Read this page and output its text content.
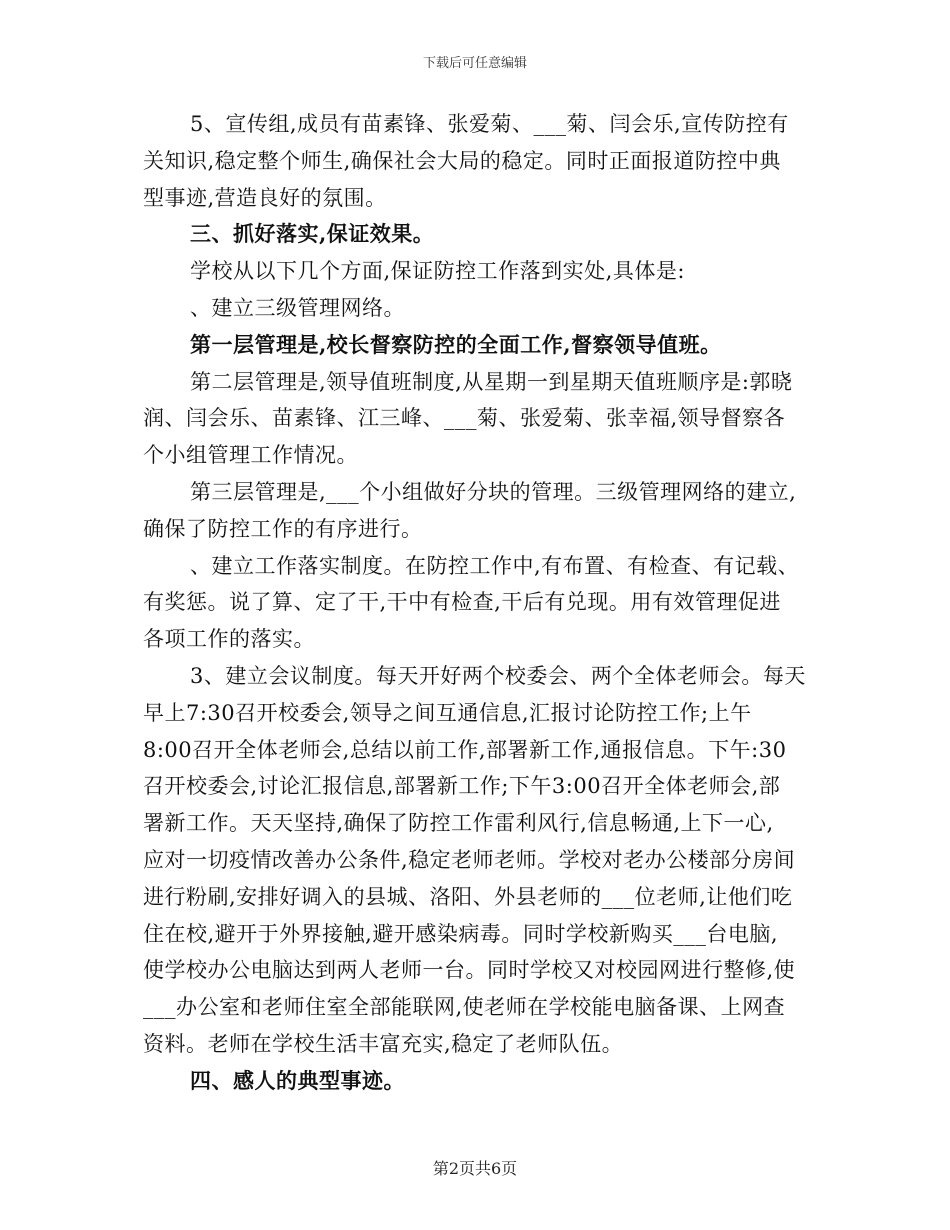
下载后可任意编辑
5、宣传组,成员有苗素锋、张爱菊、___菊、闫会乐,宣传防控有
关知识,稳定整个师生,确保社会大局的稳定。同时正面报道防控中典
型事迹,营造良好的氛围。
三、抓好落实,保证效果。
学校从以下几个方面,保证防控工作落到实处,具体是:
、建立三级管理网络。
第一层管理是,校长督察防控的全面工作,督察领导值班。
第二层管理是,领导值班制度,从星期一到星期天值班顺序是:郭晓
润、闫会乐、苗素锋、江三峰、___菊、张爱菊、张幸福,领导督察各
个小组管理工作情况。
第三层管理是,___个小组做好分块的管理。三级管理网络的建立,
确保了防控工作的有序进行。
、建立工作落实制度。在防控工作中,有布置、有检查、有记载、
有奖惩。说了算、定了干,干中有检查,干后有兑现。用有效管理促进
各项工作的落实。
3、建立会议制度。每天开好两个校委会、两个全体老师会。每天
早上7:30召开校委会,领导之间互通信息,汇报讨论防控工作;上午
8:00召开全体老师会,总结以前工作,部署新工作,通报信息。下午:30
召开校委会,讨论汇报信息,部署新工作;下午3:00召开全体老师会,部
署新工作。天天坚持,确保了防控工作雷利风行,信息畅通,上下一心,
应对一切疫情改善办公条件,稳定老师老师。学校对老办公楼部分房间
进行粉刷,安排好调入的县城、洛阳、外县老师的___位老师,让他们吃
住在校,避开于外界接触,避开感染病毒。同时学校新购买___台电脑,
使学校办公电脑达到两人老师一台。同时学校又对校园网进行整修,使
___办公室和老师住室全部能联网,使老师在学校能电脑备课、上网查
资料。老师在学校生活丰富充实,稳定了老师队伍。
四、感人的典型事迹。
第2页共6页
